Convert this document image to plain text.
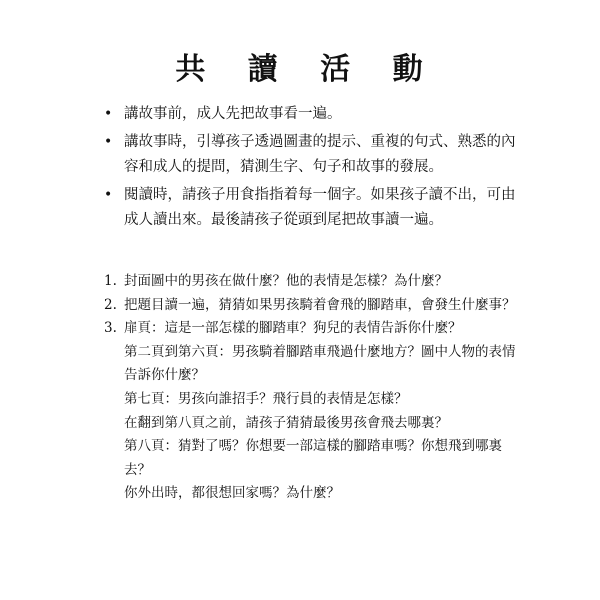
共 讀 活 動
• 講故事前，成人先把故事看一遍。
• 講故事時，引導孩子透過圖畫的提示、重複的句式、熟悉的內容和成人的提問，猜測生字、句子和故事的發展。
• 閱讀時，請孩子用食指指着每一個字。如果孩子讀不出，可由成人讀出來。最後請孩子從頭到尾把故事讀一遍。
1. 封面圖中的男孩在做什麼？他的表情是怎樣？為什麼？
2. 把題目讀一遍，猜猜如果男孩騎着會飛的腳踏車，會發生什麼事？
3. 扉頁：這是一部怎樣的腳踏車？狗兒的表情告訴你什麼？
第二頁到第六頁：男孩騎着腳踏車飛過什麼地方？圖中人物的表情告訴你什麼？
第七頁：男孩向誰招手？飛行員的表情是怎樣？
在翻到第八頁之前，請孩子猜猜最後男孩會飛去哪裏？
第八頁：猜對了嗎？你想要一部這樣的腳踏車嗎？你想飛到哪裏去？
你外出時，都很想回家嗎？為什麼？
